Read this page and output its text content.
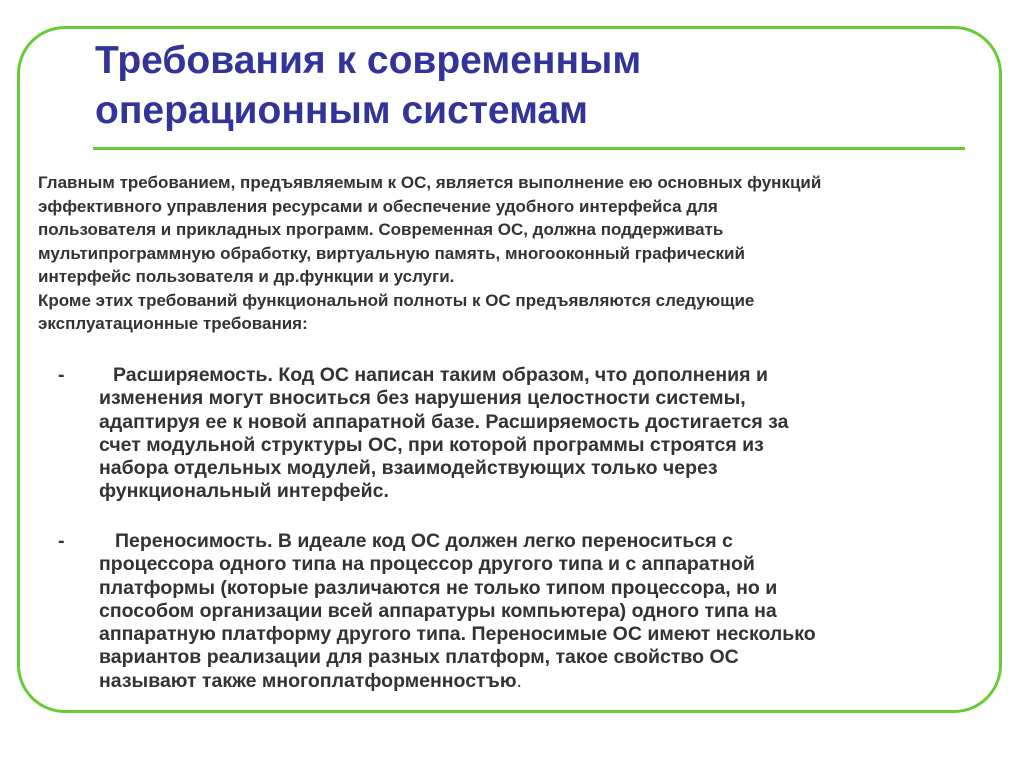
Требования к современным
операционным системам
Главным требованием, предъявляемым к ОС, является выполнение ею основных функций
эффективного управления ресурсами и обеспечение удобного интерфейса для
пользователя и прикладных программ. Современная ОС, должна поддерживать
мультипрограммную обработку, виртуальную память, многооконный графический
интерфейс пользователя и др.функции и услуги.
Кроме этих требований функциональной полноты к ОС предъявляются следующие
эксплуатационные требования:
-	Расширяемость. Код ОС написан таким образом, что дополнения и
изменения могут вноситься без нарушения целостности системы,
адаптируя ее к новой аппаратной базе. Расширяемость достигается за
счет модульной структуры ОС, при которой программы строятся из
набора отдельных модулей, взаимодействующих только через
функциональный интерфейс.
-	Переносимость. В идеале код ОС должен легко переноситься с
процессора одного типа на процессор другого типа и с аппаратной
платформы (которые различаются не только типом процессора, но и
способом организации всей аппаратуры компьютера) одного типа на
аппаратную платформу другого типа. Переносимые ОС имеют несколько
вариантов реализации для разных платформ, такое свойство ОС
называют также многоплатформенностъю.
